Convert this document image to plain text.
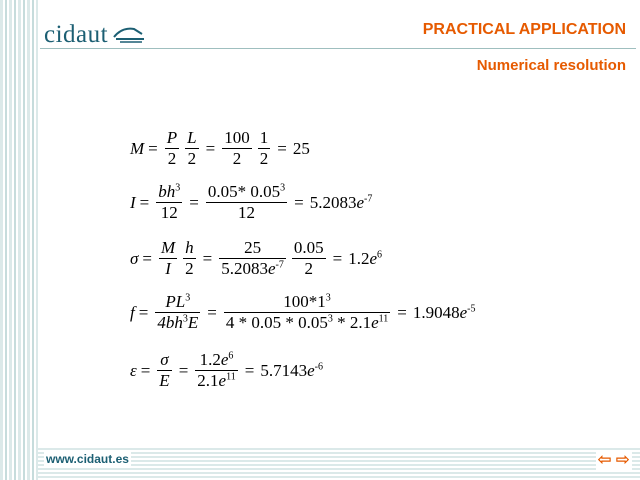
cidaut	PRACTICAL APPLICATION
Numerical resolution
$M = \frac{P}{2} \frac{L}{2} = \frac{100}{2} \frac{1}{2} = 25$
$I = \frac{bh^3}{12} = \frac{0.05* 0.05^3}{12} = 5.2083e^{-7}$
$\sigma = \frac{M}{I} \frac{h}{2} = \frac{25}{5.2083e^{-7}} \frac{0.05}{2} = 1.2e^6$
$f = \frac{PL^3}{4bh^3E} = \frac{100*1^3}{4 * 0.05 * 0.05^3 * 2.1e^{11}} = 1.9048e^{-5}$
$\varepsilon = \frac{\sigma}{E} = \frac{1.2e^6}{2.1e^{11}} = 5.7143e^{-6}$
www.cidaut.es	⇦ ⇨
